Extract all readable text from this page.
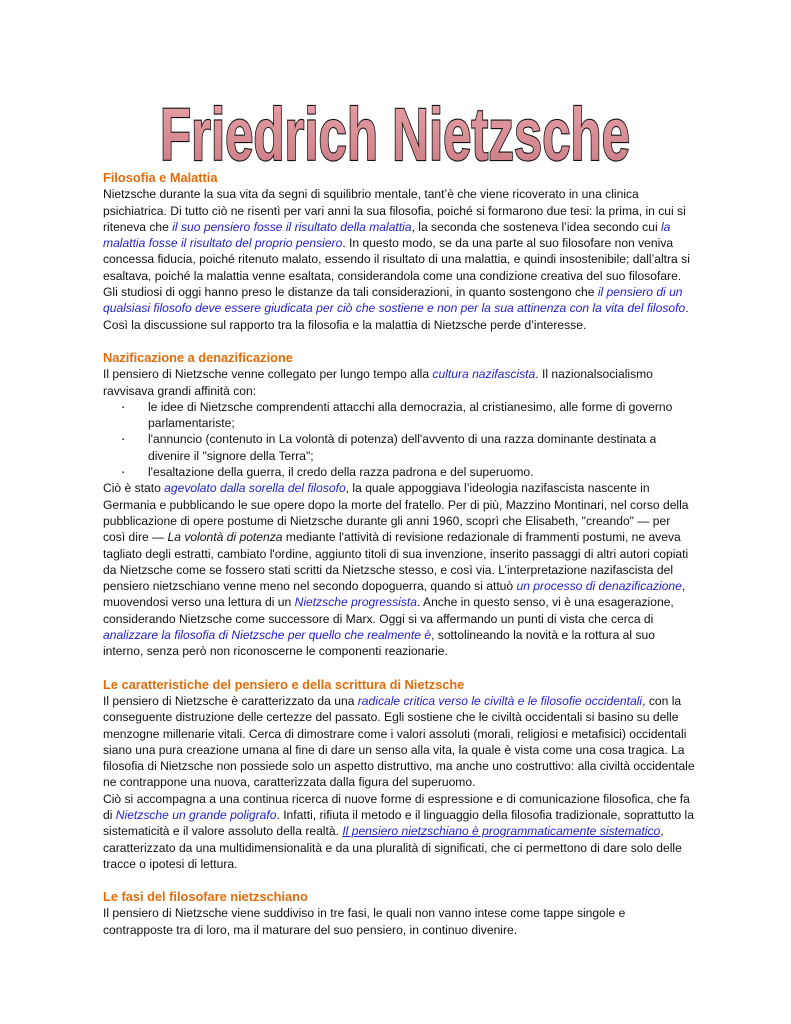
Friedrich Nietzsche
Filosofia e Malattia

Nietzsche durante la sua vita da segni di squilibrio mentale, tant’è che viene ricoverato in una clinica psichiatrica. Di tutto ciò ne risentì per vari anni la sua filosofia, poiché si formarono due tesi: la prima, in cui si riteneva che il suo pensiero fosse il risultato della malattia, la seconda che sosteneva l’idea secondo cui la malattia fosse il risultato del proprio pensiero. In questo modo, se da una parte al suo filosofare non veniva concessa fiducia, poiché ritenuto malato, essendo il risultato di una malattia, e quindi insostenibile; dall’altra si esaltava, poiché la malattia venne esaltata, considerandola come una condizione creativa del suo filosofare. Gli studiosi di oggi hanno preso le distanze da tali considerazioni, in quanto sostengono che il pensiero di un qualsiasi filosofo deve essere giudicata per ciò che sostiene e non per la sua attinenza con la vita del filosofo. Così la discussione sul rapporto tra la filosofia e la malattia di Nietzsche perde d’interesse.

Nazificazione a denazificazione

Il pensiero di Nietzsche venne collegato per lungo tempo alla cultura nazifascista. Il nazionalsocialismo ravvisava grandi affinità con:

▪ le idee di Nietzsche comprendenti attacchi alla democrazia, al cristianesimo, alle forme di governo parlamentariste;
▪ l'annuncio (contenuto in La volontà di potenza) dell'avvento di una razza dominante destinata a divenire il "signore della Terra";
▪ l'esaltazione della guerra, il credo della razza padrona e del superuomo.

Ciò è stato agevolato dalla sorella del filosofo, la quale appoggiava l’ideologia nazifascista nascente in Germania e pubblicando le sue opere dopo la morte del fratello. Per di più, Mazzino Montinari, nel corso della pubblicazione di opere postume di Nietzsche durante gli anni 1960, scoprì che Elisabeth, "creando" — per così dire — La volontà di potenza mediante l'attività di revisione redazionale di frammenti postumi, ne aveva tagliato degli estratti, cambiato l'ordine, aggiunto titoli di sua invenzione, inserito passaggi di altri autori copiati da Nietzsche come se fossero stati scritti da Nietzsche stesso, e così via. L’interpretazione nazifascista del pensiero nietzschiano venne meno nel secondo dopoguerra, quando si attuò un processo di denazificazione, muovendosi verso una lettura di un Nietzsche progressista. Anche in questo senso, vi è una esagerazione, considerando Nietzsche come successore di Marx. Oggi si va affermando un punti di vista che cerca di analizzare la filosofia di Nietzsche per quello che realmente è, sottolineando la novità e la rottura al suo interno, senza però non riconoscerne le componenti reazionarie.

Le caratteristiche del pensiero e della scrittura di Nietzsche

Il pensiero di Nietzsche è caratterizzato da una radicale critica verso le civiltà e le filosofie occidentali, con la conseguente distruzione delle certezze del passato. Egli sostiene che le civiltà occidentali si basino su delle menzogne millenarie vitali. Cerca di dimostrare come i valori assoluti (morali, religiosi e metafisici) occidentali siano una pura creazione umana al fine di dare un senso alla vita, la quale è vista come una cosa tragica. La filosofia di Nietzsche non possiede solo un aspetto distruttivo, ma anche uno costruttivo: alla civiltà occidentale ne contrappone una nuova, caratterizzata dalla figura del superuomo.

Ciò si accompagna a una continua ricerca di nuove forme di espressione e di comunicazione filosofica, che fa di Nietzsche un grande poligrafo. Infatti, rifiuta il metodo e il linguaggio della filosofia tradizionale, soprattutto la sistematicità e il valore assoluto della realtà. Il pensiero nietzschiano è programmaticamente sistematico, caratterizzato da una multidimensionalità e da una pluralità di significati, che ci permettono di dare solo delle tracce o ipotesi di lettura.

Le fasi del filosofare nietzschiano

Il pensiero di Nietzsche viene suddiviso in tre fasi, le quali non vanno intese come tappe singole e contrapposte tra di loro, ma il maturare del suo pensiero, in continuo divenire.
